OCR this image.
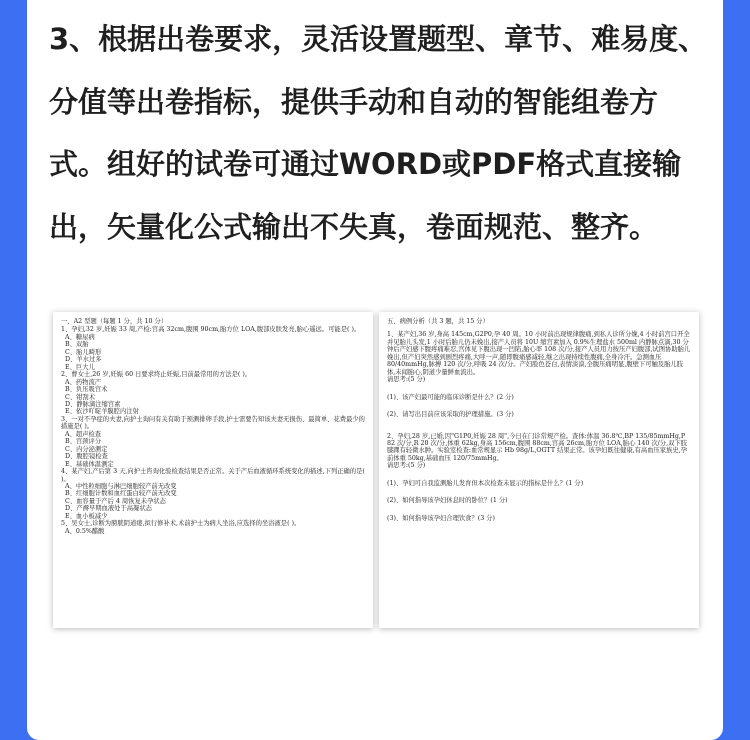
3、根据出卷要求，灵活设置题型、章节、难易度、分值等出卷指标，提供手动和自动的智能组卷方式。组好的试卷可通过WORD或PDF格式直接输出，矢量化公式输出不失真，卷面规范、整齐。

一、A2 型题（每题 1 分，共 10 分）
1、孕妇,32 岁,妊娠 33 周,产检:宫高 32cm,腹围 90cm,胎方位 LOA,腹部皮肤发亮,胎心遥远。可能是( )。
A、糖尿病
B、双胎
C、胎儿畸形
D、羊水过多
E、巨大儿
2、曹女士,26 岁,妊娠 60 日要求终止妊娠,目前最常用的方法是( )。
A、药物流产
B、负压吸宫术
C、钳刮术
D、静脉滴注缩宫素
E、依沙吖啶羊膜腔内注射
3、一对不孕症的夫妻,向护士询问有关有助于预测排卵手段,护士需要告知该夫妻无损伤、最简单、花费最少的措施是( )。
A、超声检查
B、宫颈评分
C、内分泌测定
D、腹腔镜检查
E、基础体温测定
4、某产妇,产后第 3 天,向护士咨询化验检查结果是否正常。关于产后血液循环系统变化的描述,下列正确的是( )。
A、中性粒细胞与淋巴细胞较产前无改变
B、红细胞计数和血红蛋白较产前无改变
C、血容量于产后 4 周恢复未孕状态
D、产褥早期血液处于高凝状态
E、血小板减少
5、吴女士,诊断为膀胱阴道瘘,拟行修补术,术前护士为病人坐浴,应选择的坐浴液是( )。
A、0.5%醋酸
五、病例分析（共 3 题，共 15 分）
1、某产妇,36 岁,身高 145cm,G2P0,孕 40 周。10 小时前出现规律腹痛,到私人诊所分娩,4 小时前宫口开全并见胎儿头发,1 小时后胎儿仍未娩出,接产人员将 10U 缩宫素加入 0.9%生理盐水 500ml 内静脉点滴,30 分钟后产妇感下腹疼痛难忍,宫体见下腹出现一凹陷,胎心率 108 次/分,接产人员用力按压产妇腹部,试图协助胎儿娩出,但产妇突然感到剧烈疼痛,大呼一声,随即腹痛感减轻,继之出现持续性腹痛,全身冷汗。急测血压 80/40mmHg,脉搏 120 次/分,呼吸 24 次/分。产妇脸色苍白,表情淡漠,全腹压痛明显,腹壁下可触及胎儿肢体,未闻胎心,阴道少量鲜血流出。
请思考:(5 分)
(1)、该产妇最可能的临床诊断是什么？(2 分)
(2)、请写出目前应该采取的护理措施。(3 分)
2、孕妇,28 岁,已婚,因"G1P0,妊娠 28 周",今日在门诊常规产检。查体:体温 36.8℃,BP 135/85mmHg,P 82 次/分,R 20 次/分,体重 62kg,身高 156cm,腹围 88cm,宫高 26cm,胎方位 LOA,胎心 140 次/分,双下肢膝踝有轻微水肿。实验室检查:血常规显示 Hb 98g/L,OGTT 结果正常。该孕妇既往健康,有高血压家族史,孕前体重 50kg,基础血压 120/75mmHg。
请思考:(5 分)
(1)、孕妇可自我监测胎儿发育但本次检查未显示的指标是什么？(1 分)
(2)、如何指导该孕妇休息时的卧位？(1 分)
(3)、如何指导该孕妇合理饮食？(3 分)
